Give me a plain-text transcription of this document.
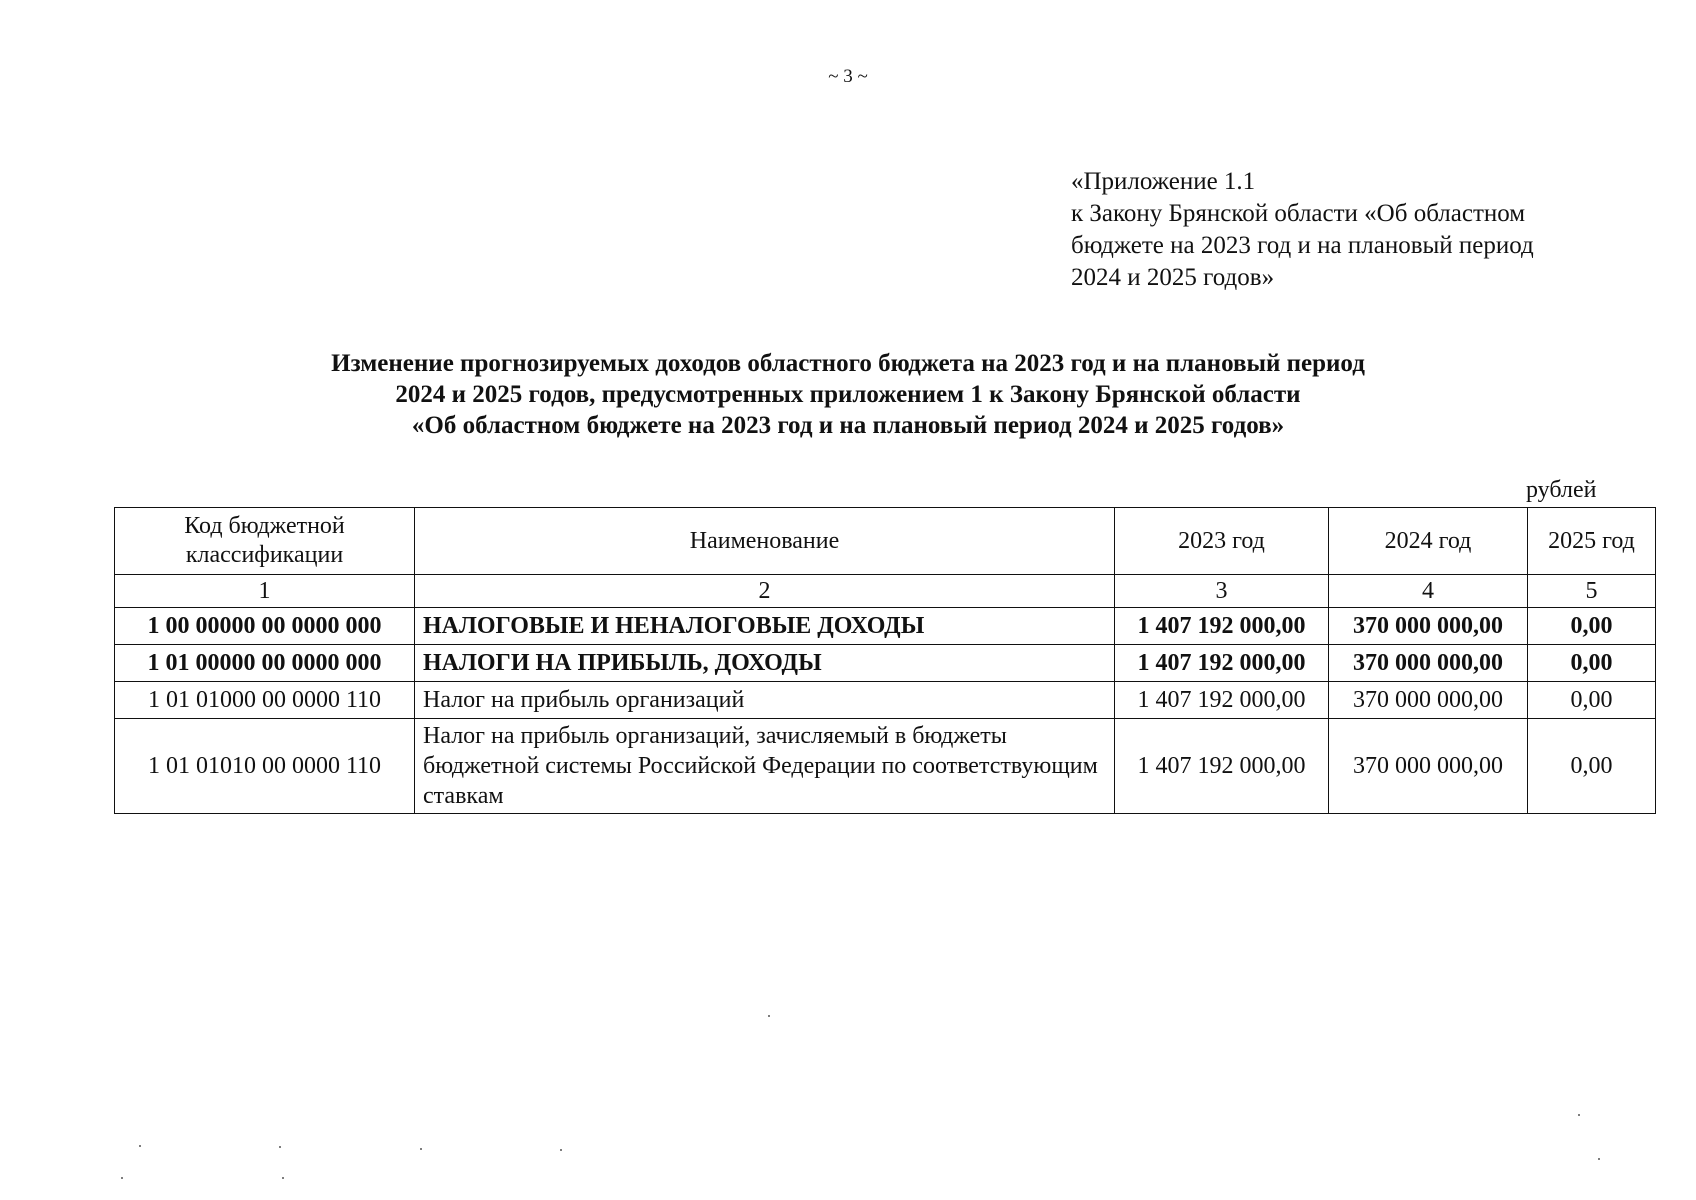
~ 3 ~
«Приложение 1.1
к Закону Брянской области «Об областном
бюджете на 2023 год и на плановый период
2024 и 2025 годов»
Изменение прогнозируемых доходов областного бюджета на 2023 год и на плановый период
2024 и 2025 годов, предусмотренных приложением 1 к Закону Брянской области
«Об областном бюджете на 2023 год и на плановый период 2024 и 2025 годов»
рублей
Код бюджетной классификации	Наименование	2023 год	2024 год	2025 год
1	2	3	4	5
1 00 00000 00 0000 000	НАЛОГОВЫЕ И НЕНАЛОГОВЫЕ ДОХОДЫ	1 407 192 000,00	370 000 000,00	0,00
1 01 00000 00 0000 000	НАЛОГИ НА ПРИБЫЛЬ, ДОХОДЫ	1 407 192 000,00	370 000 000,00	0,00
1 01 01000 00 0000 110	Налог на прибыль организаций	1 407 192 000,00	370 000 000,00	0,00
1 01 01010 00 0000 110	Налог на прибыль организаций, зачисляемый в бюджеты бюджетной системы Российской Федерации по соответствующим ставкам	1 407 192 000,00	370 000 000,00	0,00
